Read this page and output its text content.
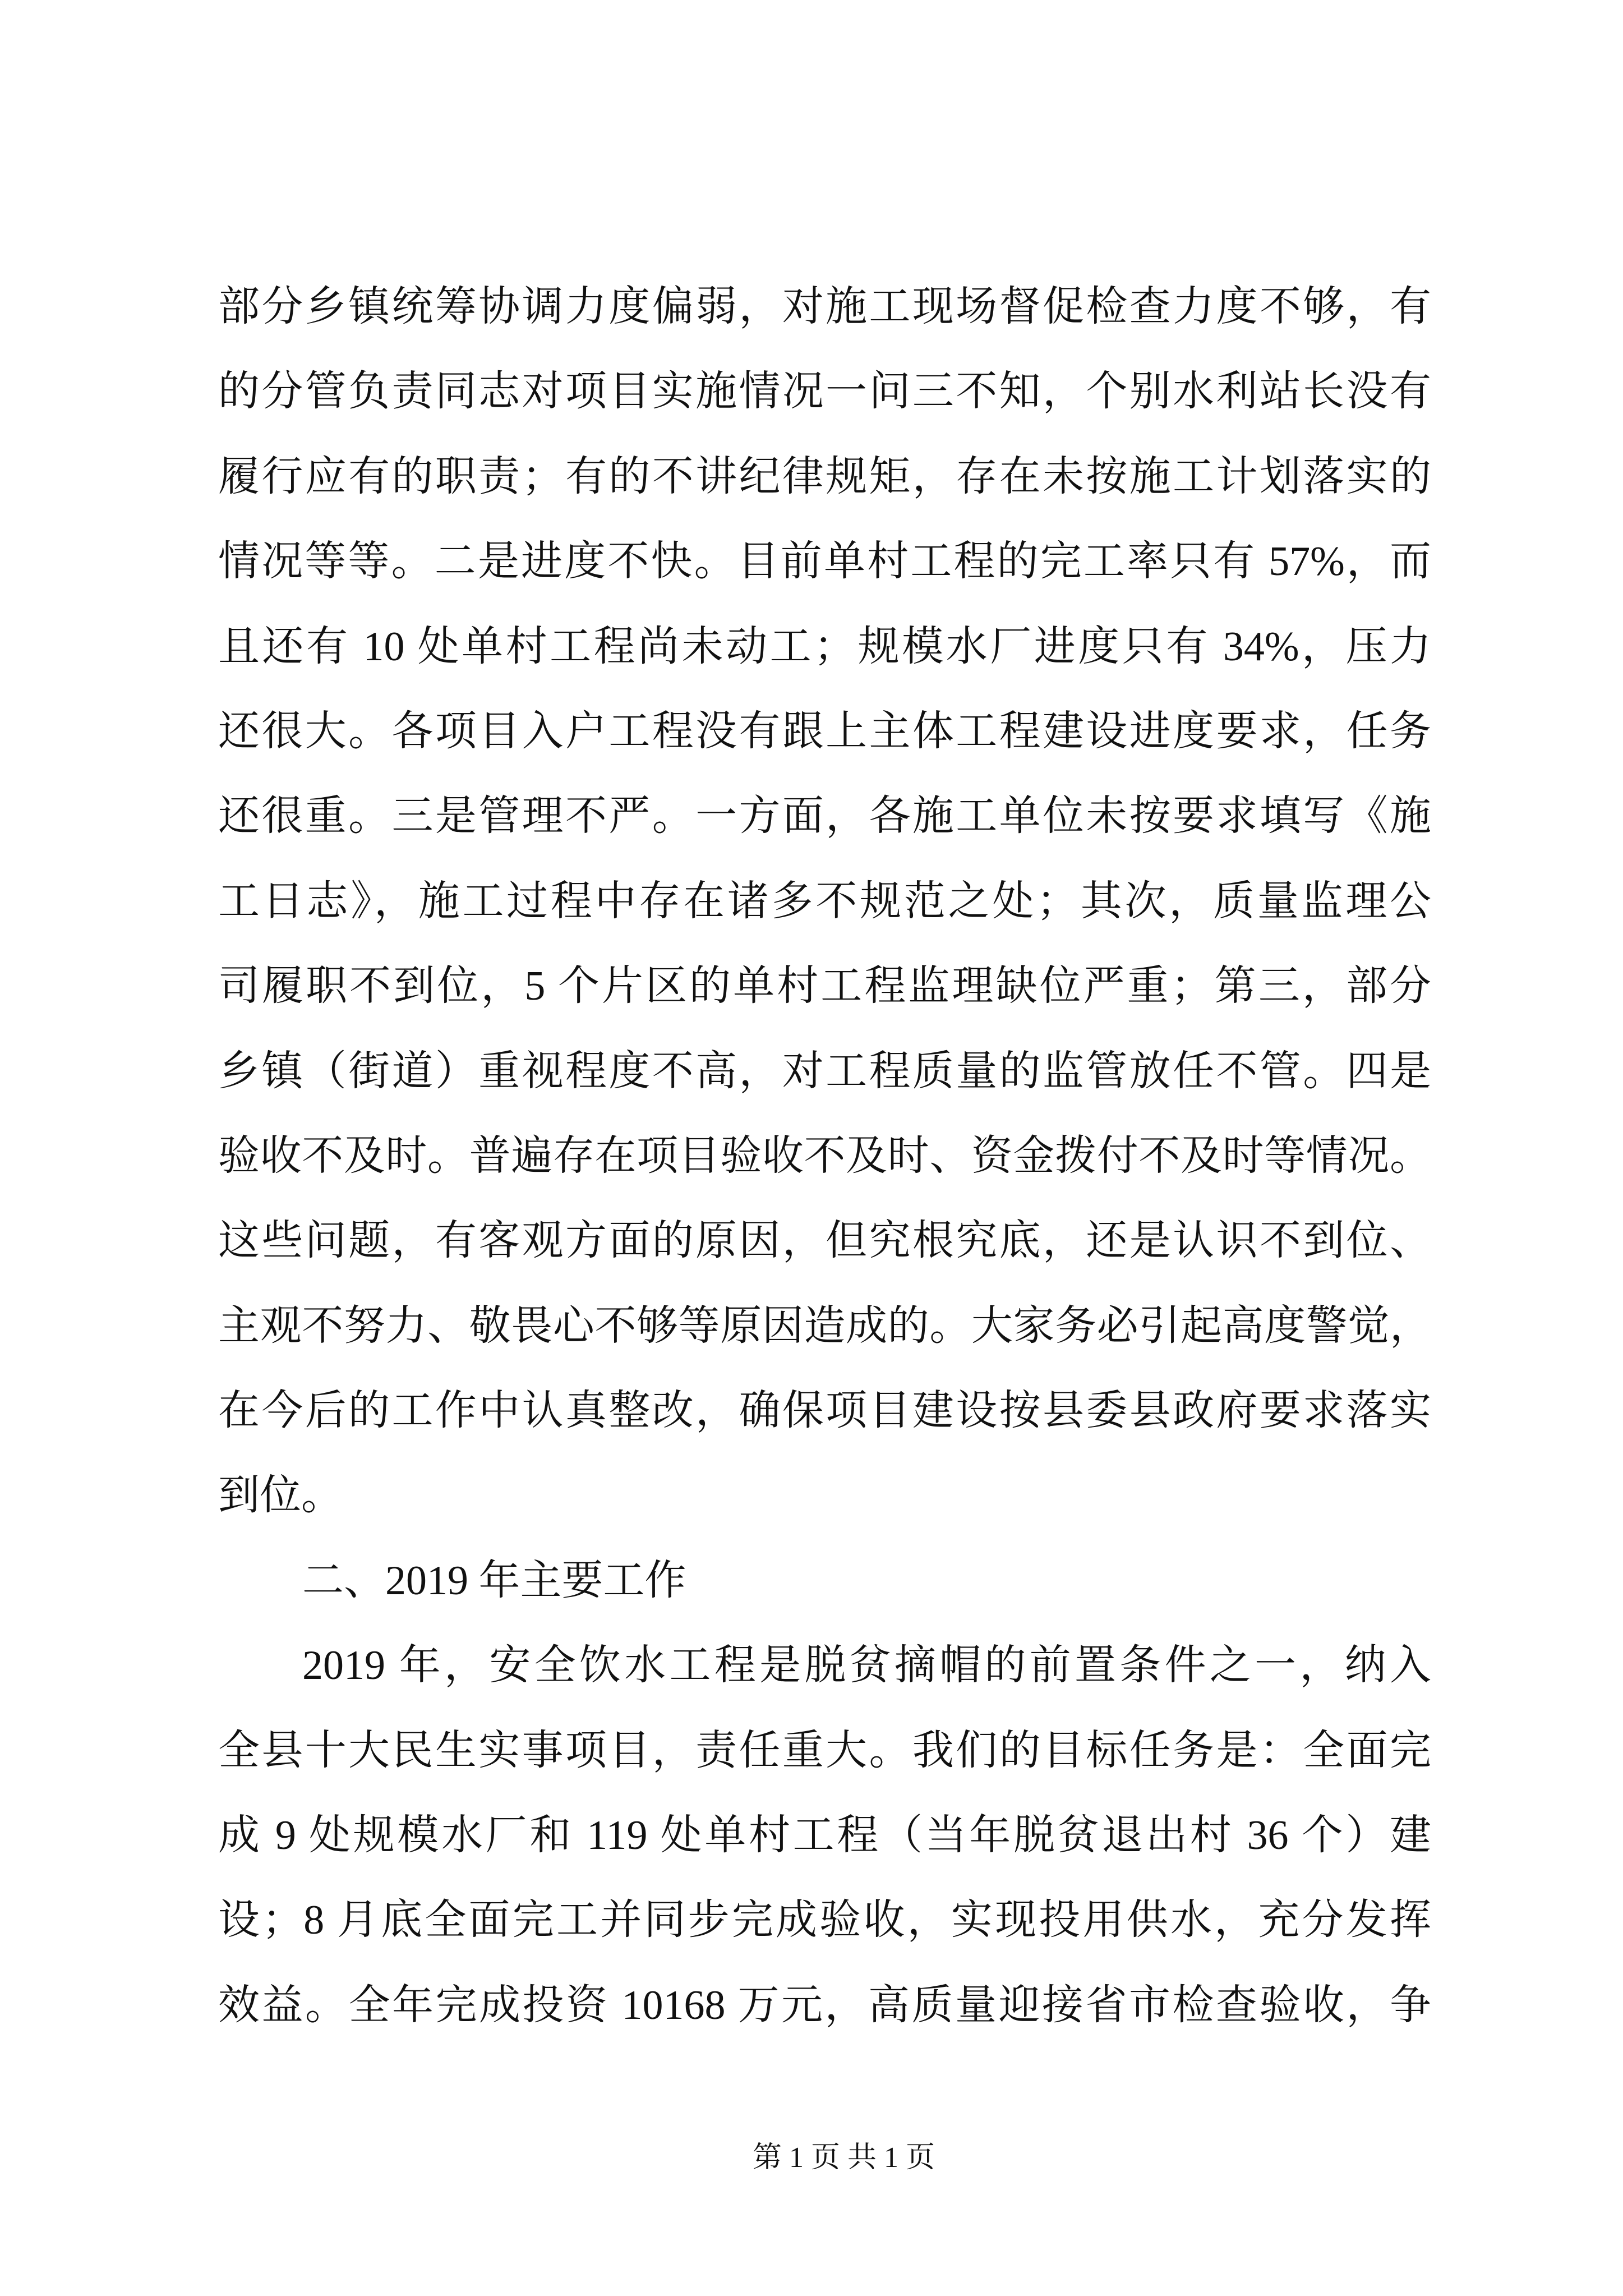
部分乡镇统筹协调力度偏弱，对施工现场督促检查力度不够，有
的分管负责同志对项目实施情况一问三不知，个别水利站长没有
履行应有的职责；有的不讲纪律规矩，存在未按施工计划落实的
情况等等。二是进度不快。目前单村工程的完工率只有 57%，而
且还有 10 处单村工程尚未动工；规模水厂进度只有 34%，压力
还很大。各项目入户工程没有跟上主体工程建设进度要求，任务
还很重。三是管理不严。一方面，各施工单位未按要求填写《施
工日志》，施工过程中存在诸多不规范之处；其次，质量监理公
司履职不到位，5 个片区的单村工程监理缺位严重；第三，部分
乡镇（街道）重视程度不高，对工程质量的监管放任不管。四是
验收不及时。普遍存在项目验收不及时、资金拨付不及时等情况。
这些问题，有客观方面的原因，但究根究底，还是认识不到位、
主观不努力、敬畏心不够等原因造成的。大家务必引起高度警觉，
在今后的工作中认真整改，确保项目建设按县委县政府要求落实
到位。
二、2019 年主要工作
2019 年，安全饮水工程是脱贫摘帽的前置条件之一，纳入
全县十大民生实事项目，责任重大。我们的目标任务是：全面完
成 9 处规模水厂和 119 处单村工程（当年脱贫退出村 36 个）建
设；8 月底全面完工并同步完成验收，实现投用供水，充分发挥
效益。全年完成投资 10168 万元，高质量迎接省市检查验收，争
第 1 页 共 1 页
